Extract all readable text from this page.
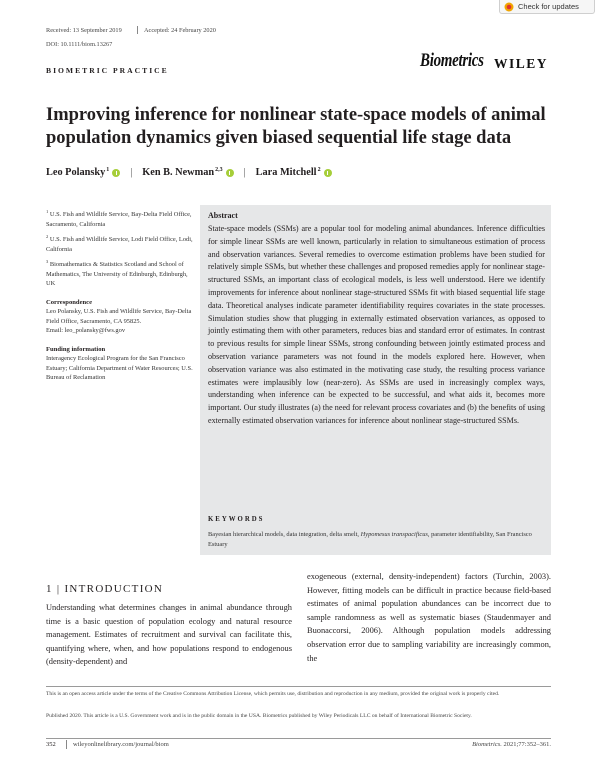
Check for updates
Received: 13 September 2019	Accepted: 24 February 2020
DOI: 10.1111/biom.13267
BIOMETRIC PRACTICE	Biometrics WILEY
Improving inference for nonlinear state-space models of animal population dynamics given biased sequential life stage data
Leo Polansky$^1$ | Ken B. Newman$^{2,3}$ | Lara Mitchell$^2$
$^1$ U.S. Fish and Wildlife Service, Bay-Delta Field Office, Sacramento, California
$^2$ U.S. Fish and Wildlife Service, Lodi Field Office, Lodi, California
$^3$ Biomathematics & Statistics Scotland and School of Mathematics, The University of Edinburgh, Edinburgh, UK
Correspondence
Leo Polansky, U.S. Fish and Wildlife Service, Bay-Delta Field Office, Sacramento, CA 95825.
Email: leo_polansky@fws.gov
Funding information
Interagency Ecological Program for the San Francisco Estuary; California Department of Water Resources; U.S. Bureau of Reclamation
Abstract

State-space models (SSMs) are a popular tool for modeling animal abundances. Inference difficulties for simple linear SSMs are well known, particularly in relation to simultaneous estimation of process and observation variances. Several remedies to overcome estimation problems have been studied for relatively simple SSMs, but whether these challenges and proposed remedies apply for nonlinear stage-structured SSMs, an important class of ecological models, is less well understood. Here we identify improvements for inference about nonlinear stage-structured SSMs fit with biased sequential life stage data. Theoretical analyses indicate parameter identifiability requires covariates in the state processes. Simulation studies show that plugging in externally estimated observation variances, as opposed to jointly estimating them with other parameters, reduces bias and standard error of estimates. In contrast to previous results for simple linear SSMs, strong confounding between jointly estimated process and observation variance parameters was not found in the models explored here. However, when observation variance was also estimated in the motivating case study, the resulting process variance estimates were implausibly low (near-zero). As SSMs are used in increasingly complex ways, understanding when inference can be expected to be successful, and what aids it, becomes more important. Our study illustrates (a) the need for relevant process covariates and (b) the benefits of using externally estimated observation variances for inference about nonlinear stage-structured SSMs.

KEYWORDS
Bayesian hierarchical models, data integration, delta smelt, Hypomesus transpacificus, parameter identifiability, San Francisco Estuary
1 | INTRODUCTION

Understanding what determines changes in animal abundance through time is a basic question of population ecology and natural resource management. Estimates of recruitment and survival can facilitate this, quantifying where, when, and how populations respond to endogenous (density-dependent) and

exogeneous (external, density-independent) factors (Turchin, 2003). However, fitting models can be difficult in practice because field-based estimates of animal population abundances can be incorrect due to sample randomness as well as systematic biases (Staudenmayer and Buonaccorsi, 2006). Although population models addressing observation error due to sampling variability are increasingly common, the

This is an open access article under the terms of the Creative Commons Attribution License, which permits use, distribution and reproduction in any medium, provided the original work is properly cited.
Published 2020. This article is a U.S. Government work and is in the public domain in the USA. Biometrics published by Wiley Periodicals LLC on behalf of International Biometric Society.
352	wileyonlinelibrary.com/journal/biom	Biometrics. 2021;77:352–361.
